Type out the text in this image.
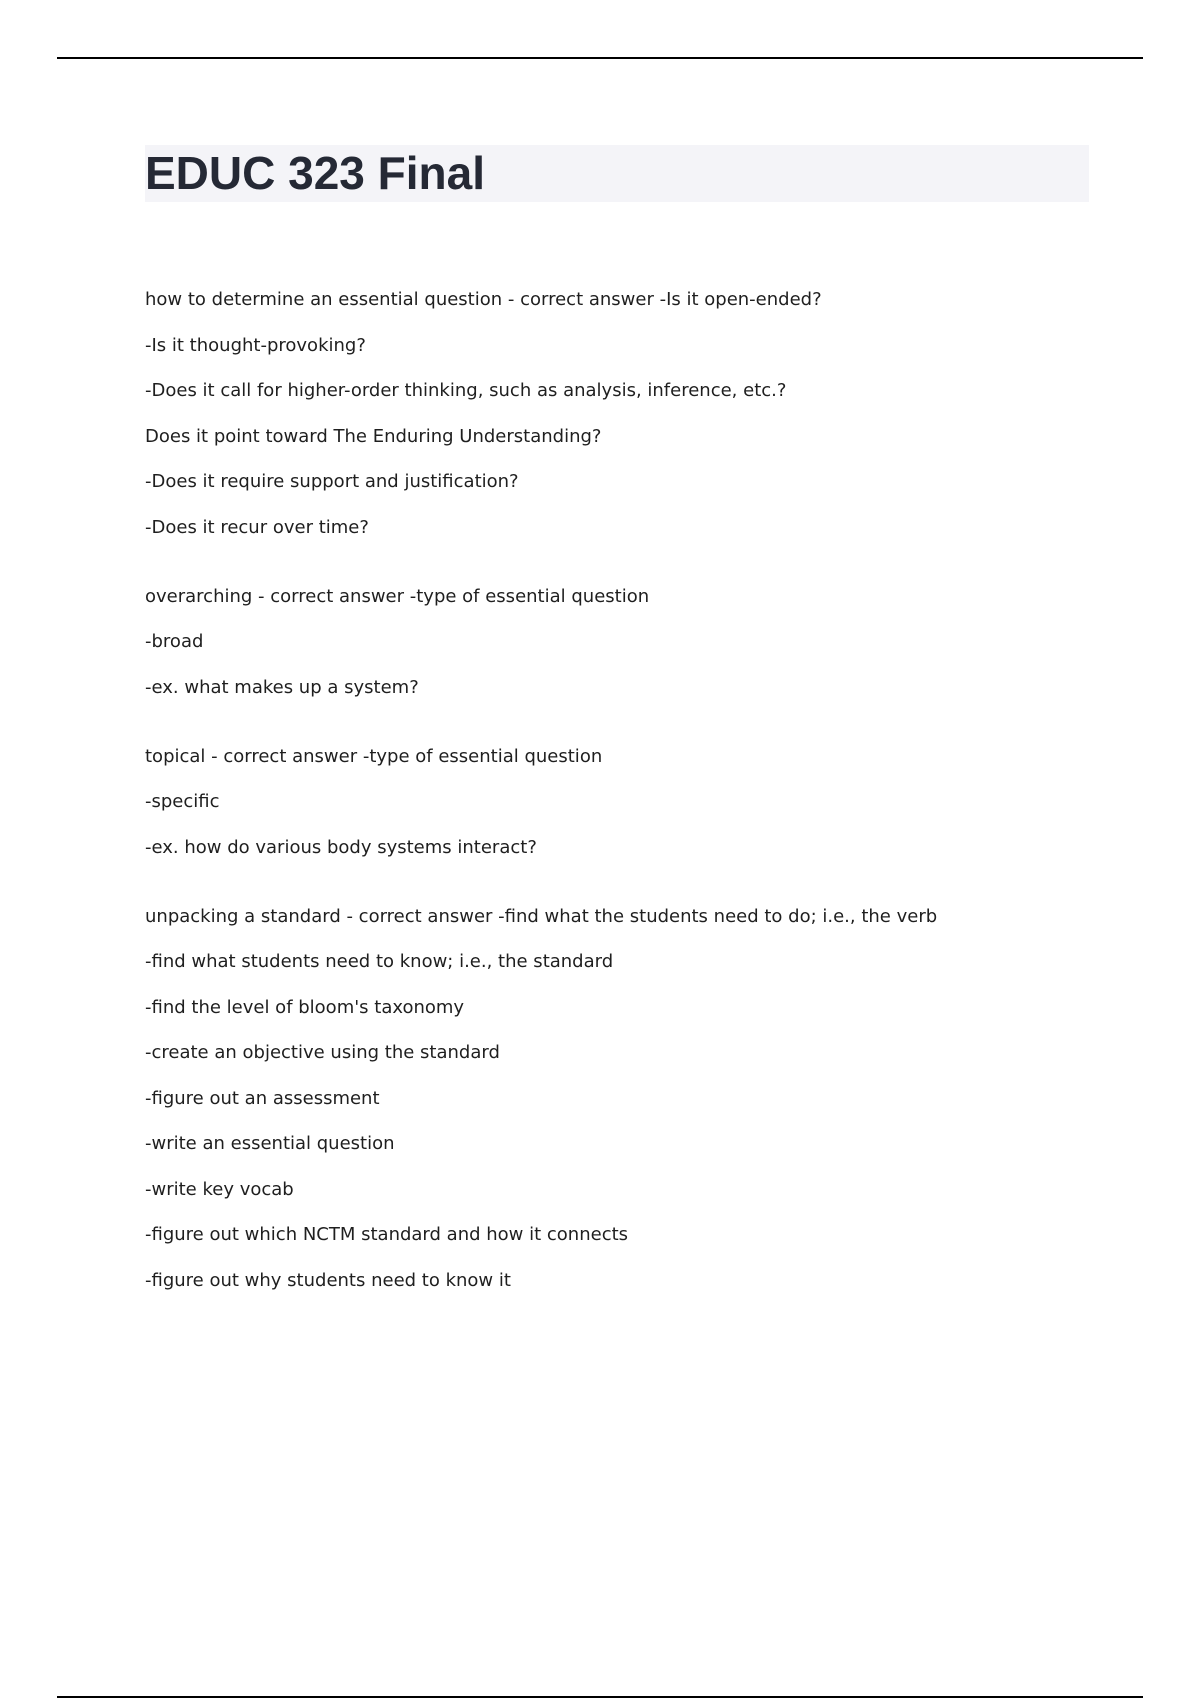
EDUC 323 Final
how to determine an essential question - correct answer -Is it open-ended?
-Is it thought-provoking?
-Does it call for higher-order thinking, such as analysis, inference, etc.?
Does it point toward The Enduring Understanding?
-Does it require support and justification?
-Does it recur over time?
overarching - correct answer -type of essential question
-broad
-ex. what makes up a system?
topical - correct answer -type of essential question
-specific
-ex. how do various body systems interact?
unpacking a standard - correct answer -find what the students need to do; i.e., the verb
-find what students need to know; i.e., the standard
-find the level of bloom's taxonomy
-create an objective using the standard
-figure out an assessment
-write an essential question
-write key vocab
-figure out which NCTM standard and how it connects
-figure out why students need to know it
